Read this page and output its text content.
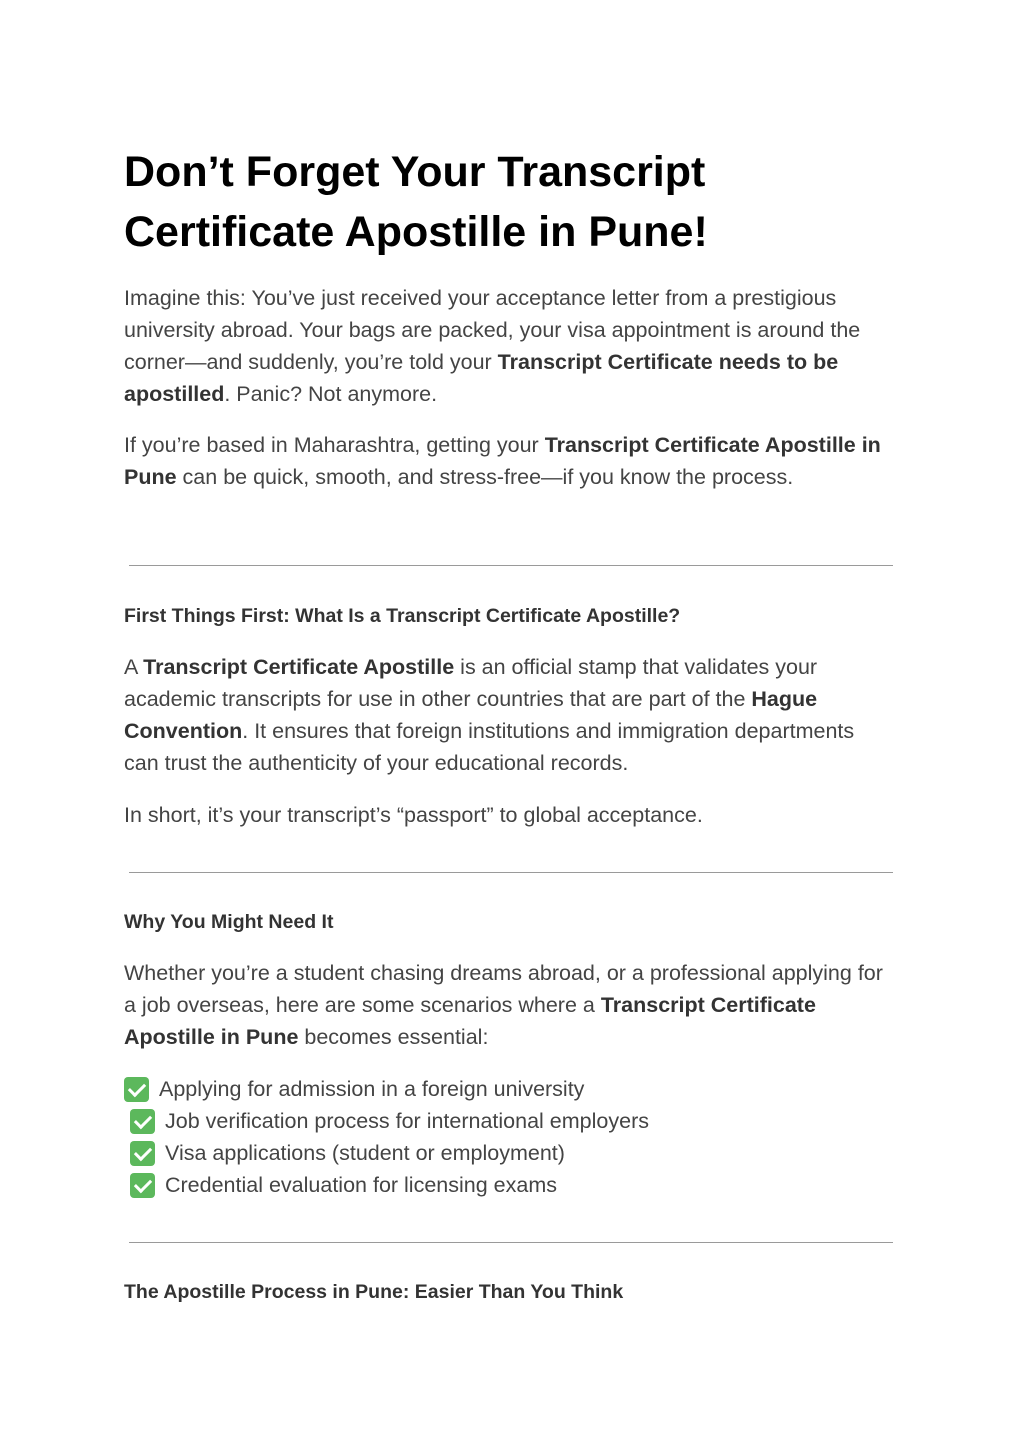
Don’t Forget Your Transcript Certificate Apostille in Pune!

Imagine this: You’ve just received your acceptance letter from a prestigious university abroad. Your bags are packed, your visa appointment is around the corner—and suddenly, you’re told your Transcript Certificate needs to be apostilled. Panic? Not anymore.

If you’re based in Maharashtra, getting your Transcript Certificate Apostille in Pune can be quick, smooth, and stress-free—if you know the process.

First Things First: What Is a Transcript Certificate Apostille?

A Transcript Certificate Apostille is an official stamp that validates your academic transcripts for use in other countries that are part of the Hague Convention. It ensures that foreign institutions and immigration departments can trust the authenticity of your educational records.

In short, it’s your transcript’s “passport” to global acceptance.

Why You Might Need It

Whether you’re a student chasing dreams abroad, or a professional applying for a job overseas, here are some scenarios where a Transcript Certificate Apostille in Pune becomes essential:

Applying for admission in a foreign university
Job verification process for international employers
Visa applications (student or employment)
Credential evaluation for licensing exams
The Apostille Process in Pune: Easier Than You Think
